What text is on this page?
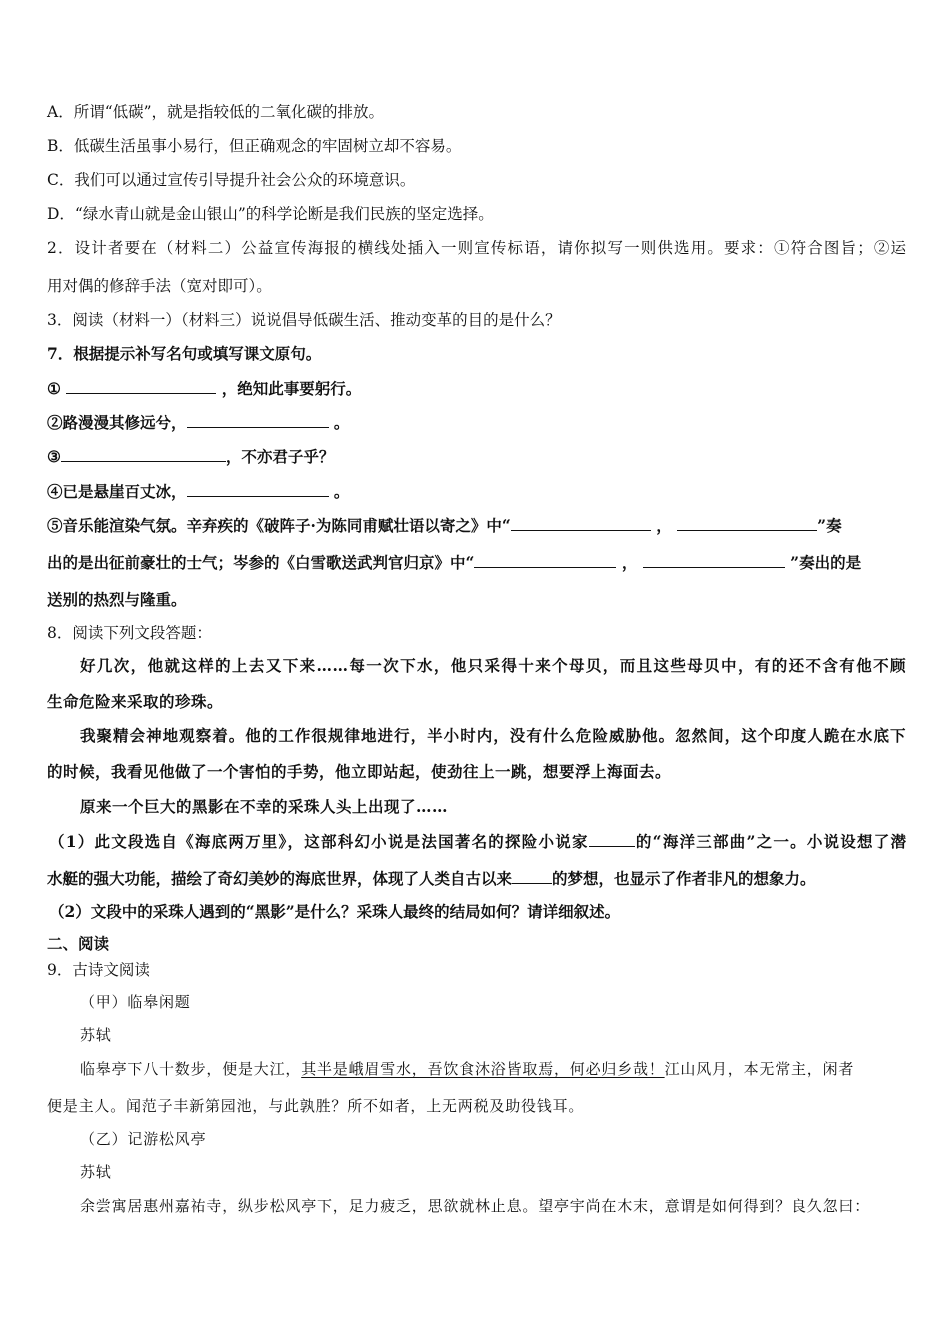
A．所谓“低碳”，就是指较低的二氧化碳的排放。
B．低碳生活虽事小易行，但正确观念的牢固树立却不容易。
C．我们可以通过宣传引导提升社会公众的环境意识。
D．“绿水青山就是金山银山”的科学论断是我们民族的坚定选择。
2．设计者要在（材料二）公益宣传海报的横线处插入一则宣传标语，请你拟写一则供选用。要求：①符合图旨；②运
用对偶的修辞手法（宽对即可）。
3．阅读（材料一）（材料三）说说倡导低碳生活、推动变革的目的是什么？
7．根据提示补写名句或填写课文原句。
①	，绝知此事要躬行。
②路漫漫其修远兮，	。
③	，不亦君子乎？
④已是悬崖百丈冰，	。
⑤音乐能渲染气氛。辛弃疾的《破阵子·为陈同甫赋壮语以寄之》中“	，	”奏
出的是出征前豪壮的士气；岑参的《白雪歌送武判官归京》中“	，	”奏出的是
送别的热烈与隆重。
8．阅读下列文段答题：
好几次，他就这样的上去又下来……每一次下水，他只采得十来个母贝，而且这些母贝中，有的还不含有他不顾
生命危险来采取的珍珠。
我聚精会神地观察着。他的工作很规律地进行，半小时内，没有什么危险威胁他。忽然间，这个印度人跪在水底下
的时候，我看见他做了一个害怕的手势，他立即站起，使劲往上一跳，想要浮上海面去。
原来一个巨大的黑影在不幸的采珠人头上出现了……
（1）此文段选自《海底两万里》，这部科幻小说是法国著名的探险小说家	的“海洋三部曲”之一。小说设想了潜
水艇的强大功能，描绘了奇幻美妙的海底世界，体现了人类自古以来	的梦想，也显示了作者非凡的想象力。
（2）文段中的采珠人遇到的“黑影”是什么？采珠人最终的结局如何？请详细叙述。
二、阅读
9．古诗文阅读
（甲）临皋闲题
苏轼
临皋亭下八十数步，便是大江，其半是峨眉雪水，吾饮食沐浴皆取焉，何必归乡哉！江山风月，本无常主，闲者
便是主人。闻范子丰新第园池，与此孰胜？所不如者，上无两税及助役钱耳。
（乙）记游松风亭
苏轼
余尝寓居惠州嘉祐寺，纵步松风亭下，足力疲乏，思欲就林止息。望亭宇尚在木末，意谓是如何得到？良久忽曰：
